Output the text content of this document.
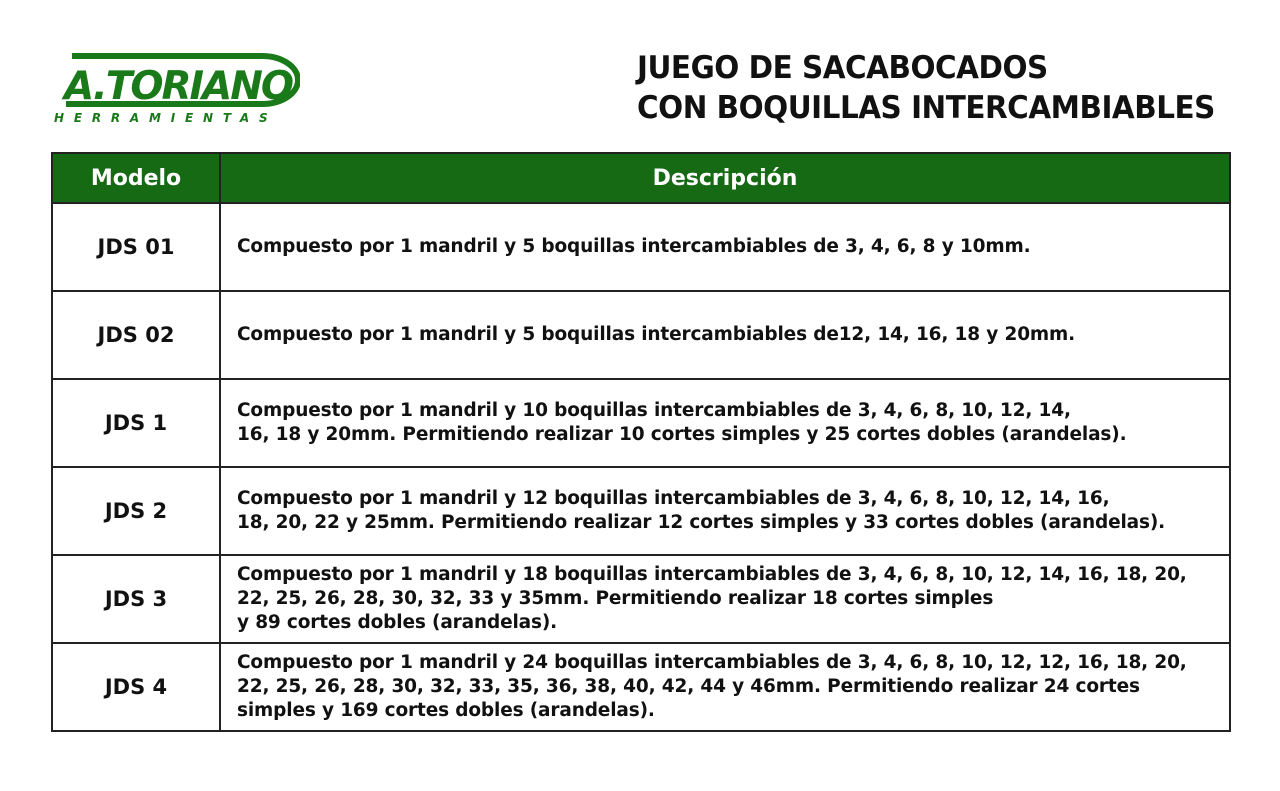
A.TORIANO
HERRAMIENTAS
JUEGO DE SACABOCADOS
CON BOQUILLAS INTERCAMBIABLES
Modelo	Descripción
JDS 01	Compuesto por 1 mandril y 5 boquillas intercambiables de 3, 4, 6, 8 y 10mm.

JDS 02	Compuesto por 1 mandril y 5 boquillas intercambiables de12, 14, 16, 18 y 20mm.

JDS 1	Compuesto por 1 mandril y 10 boquillas intercambiables de 3, 4, 6, 8, 10, 12, 14,
16, 18 y 20mm. Permitiendo realizar 10 cortes simples y 25 cortes dobles (arandelas).

JDS 2	Compuesto por 1 mandril y 12 boquillas intercambiables de 3, 4, 6, 8, 10, 12, 14, 16,
18, 20, 22 y 25mm. Permitiendo realizar 12 cortes simples y 33 cortes dobles (arandelas).

JDS 3	Compuesto por 1 mandril y 18 boquillas intercambiables de 3, 4, 6, 8, 10, 12, 14, 16, 18, 20,
22, 25, 26, 28, 30, 32, 33 y 35mm. Permitiendo realizar 18 cortes simples
y 89 cortes dobles (arandelas).

JDS 4	Compuesto por 1 mandril y 24 boquillas intercambiables de 3, 4, 6, 8, 10, 12, 12, 16, 18, 20,
22, 25, 26, 28, 30, 32, 33, 35, 36, 38, 40, 42, 44 y 46mm. Permitiendo realizar 24 cortes
simples y 169 cortes dobles (arandelas).
